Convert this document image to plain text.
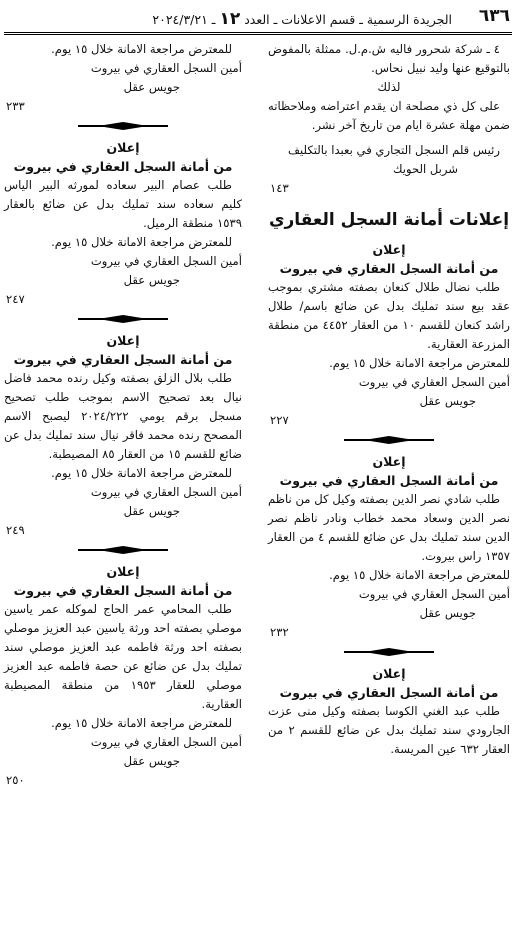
٦٣٦
الجريدة الرسمية ـ قسم الاعلانات ـ العدد ١٢ ـ ٢٠٢٤/٣/٢١
٤ ـ شركة شحرور فاليه ش.م.ل. ممثلة بالمفوض بالتوقيع عنها وليد نبيل نحاس.
لذلك
على كل ذي مصلحة ان يقدم اعتراضه وملاحظاته ضمن مهلة عشرة ايام من تاريخ آخر نشر.
رئيس قلم السجل التجاري في بعبدا بالتكليف
شربل الحويك
١٤٣
إعلانات أمانة السجل العقاري
إعلان
من أمانة السجل العقاري في بيروت
طلب نضال طلال كنعان بصفته مشتري بموجب عقد بيع سند تمليك بدل عن ضائع باسم/ طلال راشد كنعان للقسم ١٠ من العقار ٤٤٥٢ من منطقة المزرعة العقارية.
للمعترض مراجعة الامانة خلال ١٥ يوم.
أمين السجل العقاري في بيروت
جويس عقل
٢٢٧
إعلان
من أمانة السجل العقاري في بيروت
طلب شادي نصر الدين بصفته وكيل كل من ناظم نصر الدين وسعاد محمد خطاب ونادر ناظم نصر الدين سند تمليك بدل عن ضائع للقسم ٤ من العقار ١٣٥٧ راس بيروت.
للمعترض مراجعة الامانة خلال ١٥ يوم.
أمين السجل العقاري في بيروت
جويس عقل
٢٣٢
إعلان
من أمانة السجل العقاري في بيروت
طلب عبد الغني الكوسا بصفته وكيل منى عزت الجارودي سند تمليك بدل عن ضائع للقسم ٢ من العقار ٦٣٢ عين المريسة.
للمعترض مراجعة الامانة خلال ١٥ يوم.
أمين السجل العقاري في بيروت
جويس عقل
٢٣٣
إعلان
من أمانة السجل العقاري في بيروت
طلب عصام البير سعاده لمورثه البير الياس كليم سعاده سند تمليك بدل عن ضائع بالعقار ١٥٣٩ منطقة الرميل.
للمعترض مراجعة الامانة خلال ١٥ يوم.
أمين السجل العقاري في بيروت
جويس عقل
٢٤٧
إعلان
من أمانة السجل العقاري في بيروت
طلب بلال الزلق بصفته وكيل رنده محمد فاضل نيال بعد تصحيح الاسم بموجب طلب تصحيح مسجل برقم يومي ٢٠٢٤/٢٢٢ ليصبح الاسم المصحح رنده محمد فاقر نيال سند تمليك بدل عن ضائع للقسم ١٥ من العقار ٨٥ المصيطبة.
للمعترض مراجعة الامانة خلال ١٥ يوم.
أمين السجل العقاري في بيروت
جويس عقل
٢٤٩
إعلان
من أمانة السجل العقاري في بيروت
طلب المحامي عمر الحاج لموكله عمر ياسين موصلي بصفته احد ورثة ياسين عبد العزيز موصلي بصفته احد ورثة فاطمه عبد العزيز موصلي سند تمليك بدل عن ضائع عن حصة فاطمه عبد العزيز موصلي للعقار ١٩٥٣ من منطقة المصيطبة العقارية.
للمعترض مراجعة الامانة خلال ١٥ يوم.
أمين السجل العقاري في بيروت
جويس عقل
٢٥٠
